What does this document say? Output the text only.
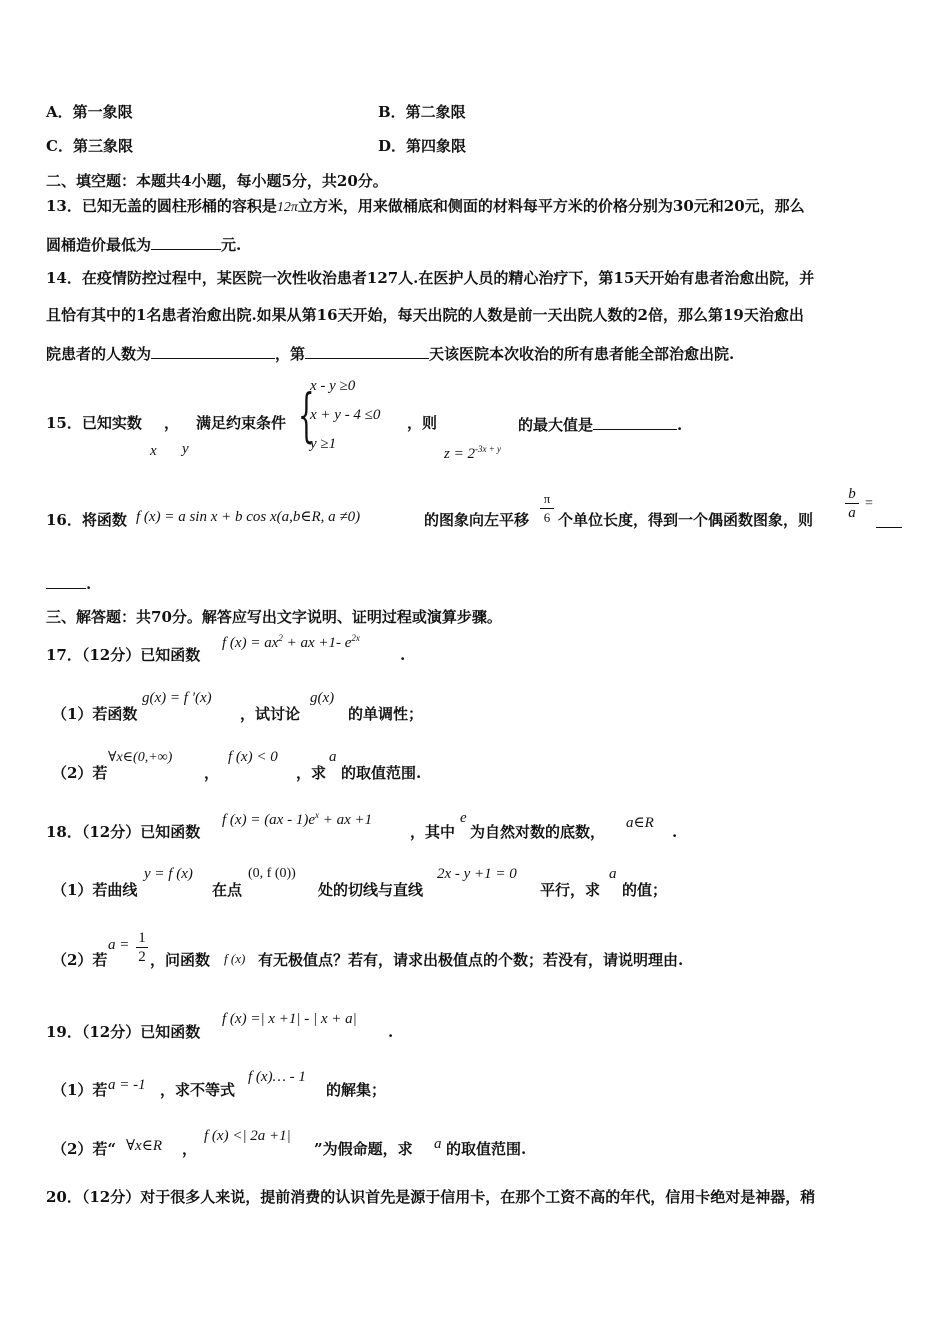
A．第一象限	B．第二象限
C．第三象限	D．第四象限
二、填空题：本题共4小题，每小题5分，共20分。
13．已知无盖的圆柱形桶的容积是12π立方米，用来做桶底和侧面的材料每平方米的价格分别为30元和20元，那么
圆桶造价最低为	元.
14．在疫情防控过程中，某医院一次性收治患者127人.在医护人员的精心治疗下，第15天开始有患者治愈出院，并
且恰有其中的1名患者治愈出院.如果从第16天开始，每天出院的人数是前一天出院人数的2倍，那么第19天治愈出
院患者的人数为	，第	天该医院本次收治的所有患者能全部治愈出院.
15．已知实数 ， 满足约束条件
x y {
x - y ≥0
x + y - 4 ≤0
y ≥1
，则
$z = 2^{-3x + y}$
的最大值是	.
16．将函数 f (x) = a sin x + b cos x(a,b∈R, a ≠0)	的图象向左平移 $\frac{\pi}{6}$ 个单位长度，得到一个偶函数图象，则 $\frac{b}{a}$ =
.
三、解答题：共70分。解答应写出文字说明、证明过程或演算步骤。
17．（12分）已知函数
f $(x) = ax^2$ + ax +1- $e^{2x}$
.
（1）若函数
g(x) = f ′(x)
，试讨论
g(x)
的单调性；
（2）若
∀x∈(0,+∞)
，
f (x) < 0
，求
a
的取值范围.
18．（12分）已知函数
f $(x) = (ax - 1)e^x$ + ax +1
，其中
e
为自然对数的底数， a∈R .
（1）若曲线
y = f (x)
在点
(0, f (0))
处的切线与直线
2x - y +1 = 0
平行，求
a
的值；
（2）若
$a = \frac{1}{2}$ ，问函数 f (x) 有无极值点？若有，请求出极值点的个数；若没有，请说明理由.
19．（12分）已知函数
f (x) =| x +1| - | x + a|
.
（1）若 a = -1 ，求不等式
f (x)… - 1
的解集；
（2）若“ ∀x∈R ，
f (x) <| 2a +1|
”为假命题，求 a 的取值范围.
20．（12分）对于很多人来说，提前消费的认识首先是源于信用卡，在那个工资不高的年代，信用卡绝对是神器，稍
